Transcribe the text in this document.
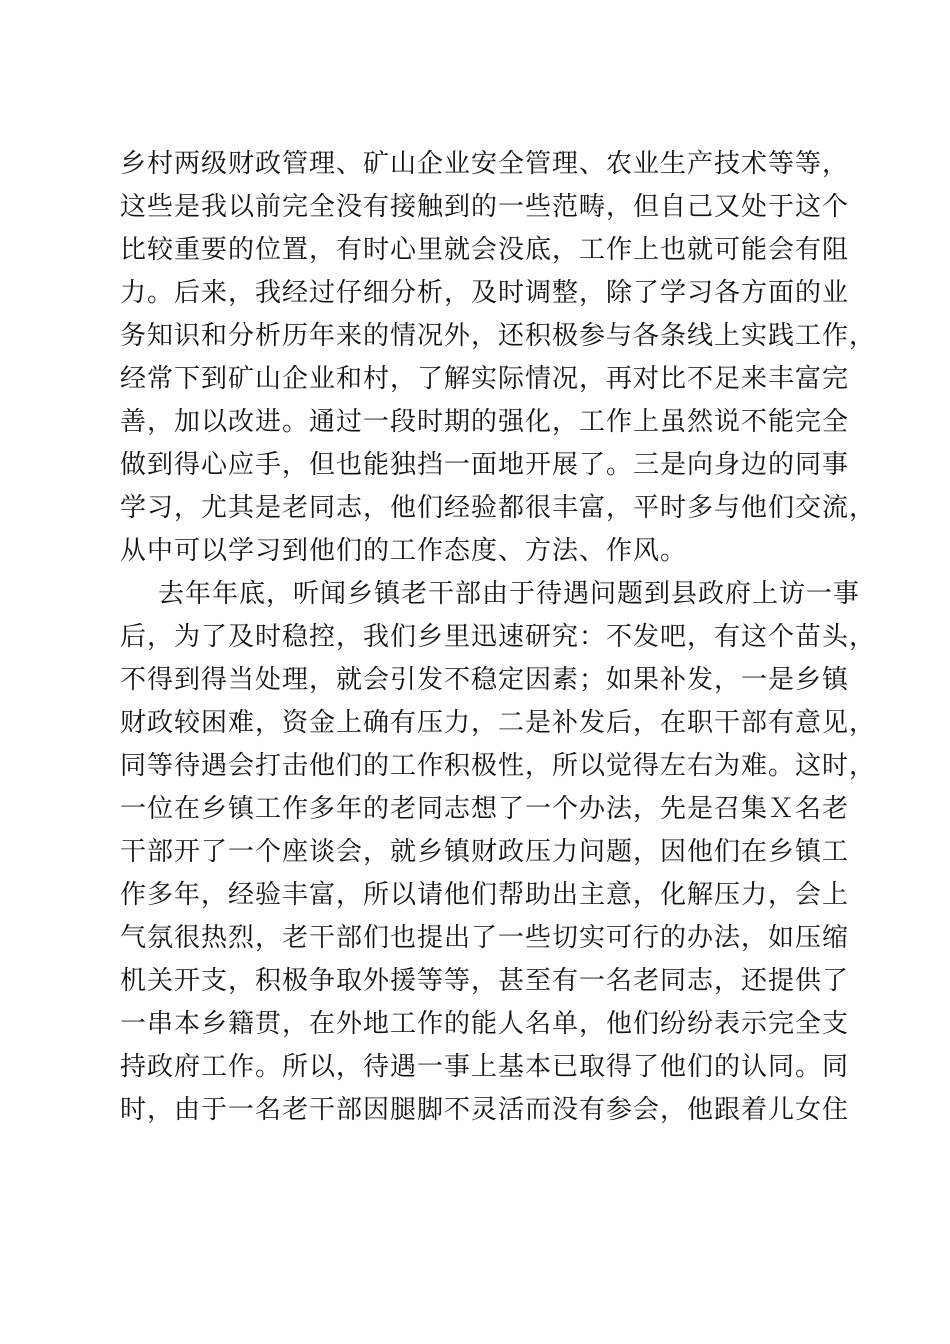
乡村两级财政管理、矿山企业安全管理、农业生产技术等等，
这些是我以前完全没有接触到的一些范畴，但自己又处于这个
比较重要的位置，有时心里就会没底，工作上也就可能会有阻
力。后来，我经过仔细分析，及时调整，除了学习各方面的业
务知识和分析历年来的情况外，还积极参与各条线上实践工作，
经常下到矿山企业和村，了解实际情况，再对比不足来丰富完
善，加以改进。通过一段时期的强化，工作上虽然说不能完全
做到得心应手，但也能独挡一面地开展了。三是向身边的同事
学习，尤其是老同志，他们经验都很丰富，平时多与他们交流，
从中可以学习到他们的工作态度、方法、作风。
去年年底，听闻乡镇老干部由于待遇问题到县政府上访一事
后，为了及时稳控，我们乡里迅速研究：不发吧，有这个苗头，
不得到得当处理，就会引发不稳定因素；如果补发，一是乡镇
财政较困难，资金上确有压力，二是补发后，在职干部有意见，
同等待遇会打击他们的工作积极性，所以觉得左右为难。这时，
一位在乡镇工作多年的老同志想了一个办法，先是召集Ｘ名老
干部开了一个座谈会，就乡镇财政压力问题，因他们在乡镇工
作多年，经验丰富，所以请他们帮助出主意，化解压力，会上
气氛很热烈，老干部们也提出了一些切实可行的办法，如压缩
机关开支，积极争取外援等等，甚至有一名老同志，还提供了
一串本乡籍贯，在外地工作的能人名单，他们纷纷表示完全支
持政府工作。所以，待遇一事上基本已取得了他们的认同。同
时，由于一名老干部因腿脚不灵活而没有参会，他跟着儿女住
